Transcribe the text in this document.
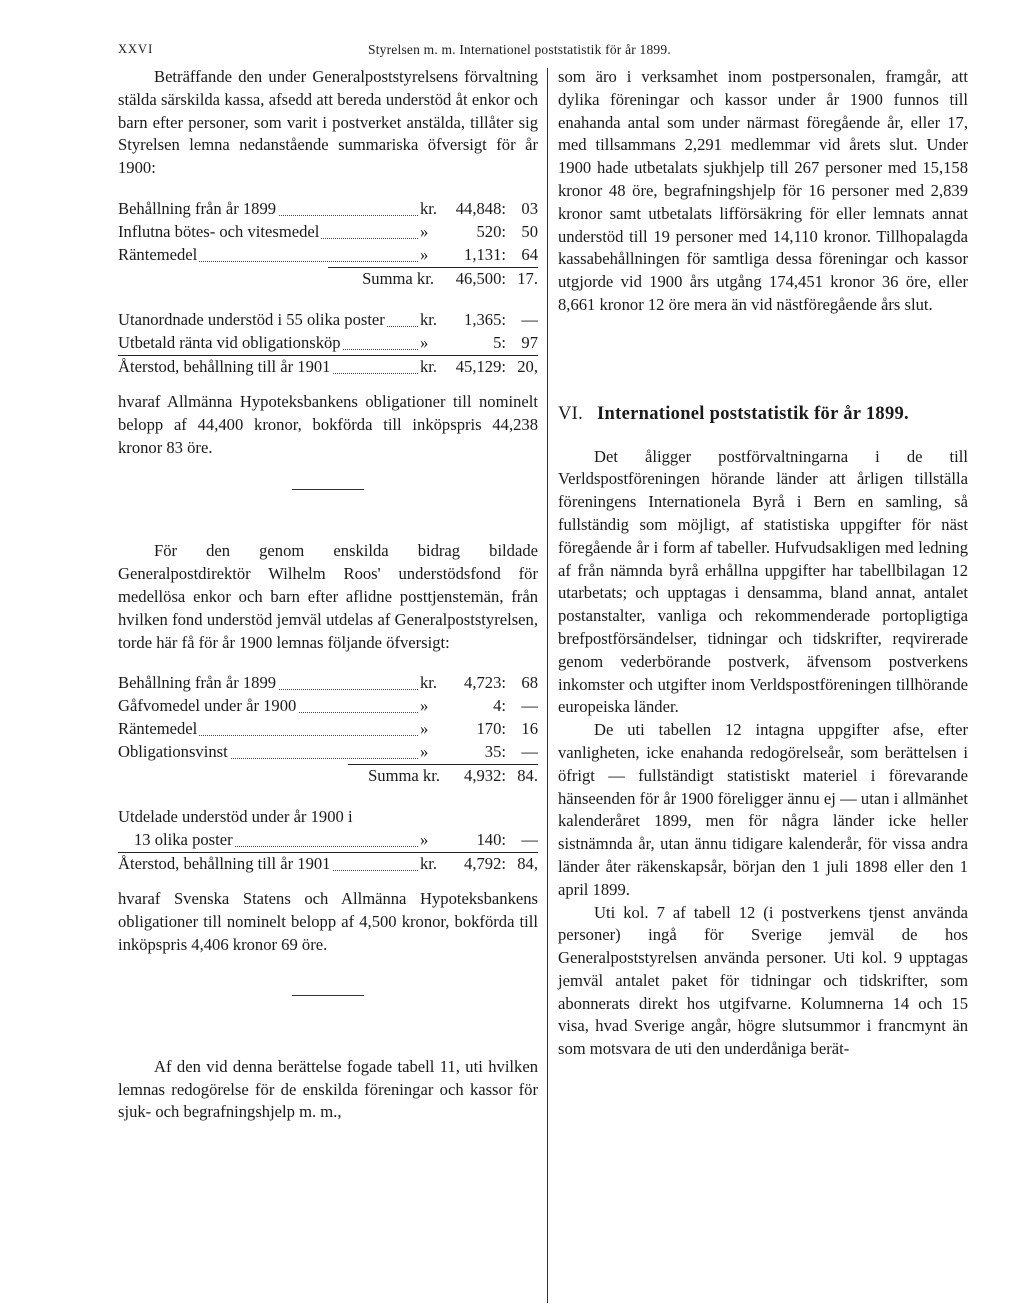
XXVI	Styrelsen m. m. Internationel poststatistik för år 1899.

Beträffande den under Generalpoststyrelsens förvaltning stälda särskilda kassa, afsedd att bereda understöd åt enkor och barn efter personer, som varit i postverket anstälda, tillåter sig Styrelsen lemna nedanstående summariska öfversigt för år 1900:

Behållning från år 1899	kr.	44,848: 03
Influtna bötes- och vitesmedel	»	520: 50
Räntemedel	»	1,131: 64
Summa kr.	46,500: 17.
Utanordnade understöd i 55 olika poster	kr.	1,365: —
Utbetald ränta vid obligationsköp	»	5: 97
Återstod, behållning till år 1901	kr.	45,129: 20,

hvaraf Allmänna Hypoteksbankens obligationer till nominelt belopp af 44,400 kronor, bokförda till inköpspris 44,238 kronor 83 öre.

För den genom enskilda bidrag bildade Generalpostdirektör Wilhelm Roos' understödsfond för medellösa enkor och barn efter aflidne posttjenstemän, från hvilken fond understöd jemväl utdelas af Generalpoststyrelsen, torde här få för år 1900 lemnas följande öfversigt:

Behållning från år 1899	kr.	4,723: 68
Gåfvomedel under år 1900	»	4: —
Räntemedel	»	170: 16
Obligationsvinst	»	35: —
Summa kr.	4,932: 84.
Utdelade understöd under år 1900 i
13 olika poster	»	140: —
Återstod, behållning till år 1901	kr.	4,792: 84,

hvaraf Svenska Statens och Allmänna Hypoteksbankens obligationer till nominelt belopp af 4,500 kronor, bokförda till inköpspris 4,406 kronor 69 öre.

Af den vid denna berättelse fogade tabell 11, uti hvilken lemnas redogörelse för de enskilda föreningar och kassor för sjuk- och begrafningshjelp m. m.,

som äro i verksamhet inom postpersonalen, framgår, att dylika föreningar och kassor under år 1900 funnos till enahanda antal som under närmast föregående år, eller 17, med tillsammans 2,291 medlemmar vid årets slut. Under 1900 hade utbetalats sjukhjelp till 267 personer med 15,158 kronor 48 öre, begrafningshjelp för 16 personer med 2,839 kronor samt utbetalats lifförsäkring för eller lemnats annat understöd till 19 personer med 14,110 kronor. Tillhopalagda kassabehållningen för samtliga dessa föreningar och kassor utgjorde vid 1900 års utgång 174,451 kronor 36 öre, eller 8,661 kronor 12 öre mera än vid nästföregående års slut.

VI. Internationel poststatistik för år 1899.

Det åligger postförvaltningarna i de till Verldspostföreningen hörande länder att årligen tillställa föreningens Internationela Byrå i Bern en samling, så fullständig som möjligt, af statistiska uppgifter för näst föregående år i form af tabeller. Hufvudsakligen med ledning af från nämnda byrå erhållna uppgifter har tabellbilagan 12 utarbetats; och upptagas i densamma, bland annat, antalet postanstalter, vanliga och rekommenderade portopligtiga brefpostförsändelser, tidningar och tidskrifter, reqvirerade genom vederbörande postverk, äfvensom postverkens inkomster och utgifter inom Verldspostföreningen tillhörande europeiska länder.

De uti tabellen 12 intagna uppgifter afse, efter vanligheten, icke enahanda redogörelseår, som berättelsen i öfrigt — fullständigt statistiskt materiel i förevarande hänseenden för år 1900 föreligger ännu ej — utan i allmänhet kalenderåret 1899, men för några länder icke heller sistnämnda år, utan ännu tidigare kalenderår, för vissa andra länder åter räkenskapsår, början den 1 juli 1898 eller den 1 april 1899.

Uti kol. 7 af tabell 12 (i postverkens tjenst använda personer) ingå för Sverige jemväl de hos Generalpoststyrelsen använda personer. Uti kol. 9 upptagas jemväl antalet paket för tidningar och tidskrifter, som abonnerats direkt hos utgifvarne. Kolumnerna 14 och 15 visa, hvad Sverige angår, högre slutsummor i francmynt än som motsvara de uti den underdåniga berät-
